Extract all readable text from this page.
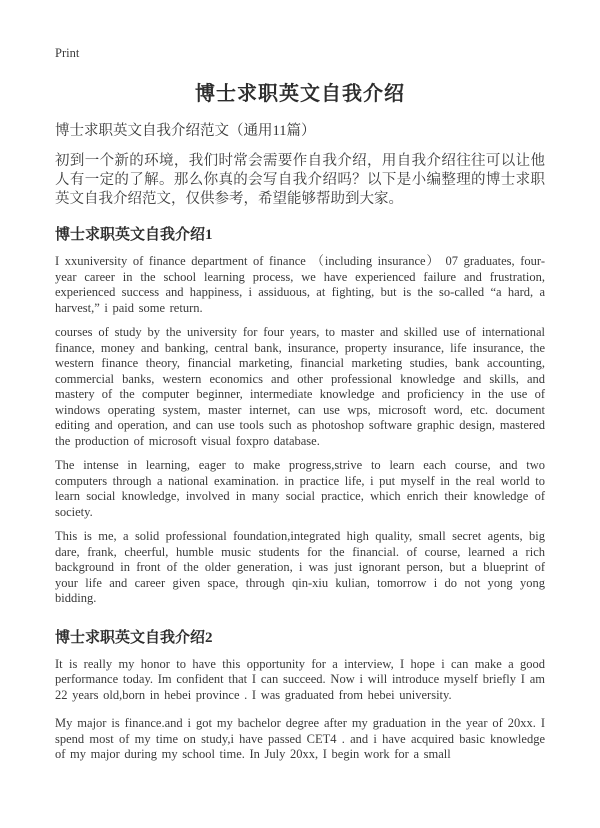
Print
博士求职英文自我介绍

博士求职英文自我介绍范文（通用11篇）

初到一个新的环境，我们时常会需要作自我介绍，用自我介绍往往可以让他人有一定的了解。那么你真的会写自我介绍吗？以下是小编整理的博士求职英文自我介绍范文，仅供参考，希望能够帮助到大家。

博士求职英文自我介绍1

I xxuniversity of finance department of finance （including insurance） 07 graduates, four-year career in the school learning process, we have experienced failure and frustration, experienced success and happiness, i assiduous, at fighting, but is the so-called “a hard, a harvest,” i paid some return.

courses of study by the university for four years, to master and skilled use of international finance, money and banking, central bank, insurance, property insurance, life insurance, the western finance theory, financial marketing, financial marketing studies, bank accounting, commercial banks, western economics and other professional knowledge and skills, and mastery of the computer beginner, intermediate knowledge and proficiency in the use of windows operating system, master internet, can use wps, microsoft word, etc. document editing and operation, and can use tools such as photoshop software graphic design, mastered the production of microsoft visual foxpro database.

The intense in learning, eager to make progress,strive to learn each course, and two computers through a national examination. in practice life, i put myself in the real world to learn social knowledge, involved in many social practice, which enrich their knowledge of society.

This is me, a solid professional foundation,integrated high quality, small secret agents, big dare, frank, cheerful, humble music students for the financial. of course, learned a rich background in front of the older generation, i was just ignorant person, but a blueprint of your life and career given space, through qin-xiu kulian, tomorrow i do not yong yong bidding.

博士求职英文自我介绍2

It is really my honor to have this opportunity for a interview, I hope i can make a good performance today. Im confident that I can succeed. Now i will introduce myself briefly I am 22 years old,born in hebei province . I was graduated from hebei university.

My major is finance.and i got my bachelor degree after my graduation in the year of 20xx. I spend most of my time on study,i have passed CET4 . and i have acquired basic knowledge of my major during my school time. In July 20xx, I begin work for a small
